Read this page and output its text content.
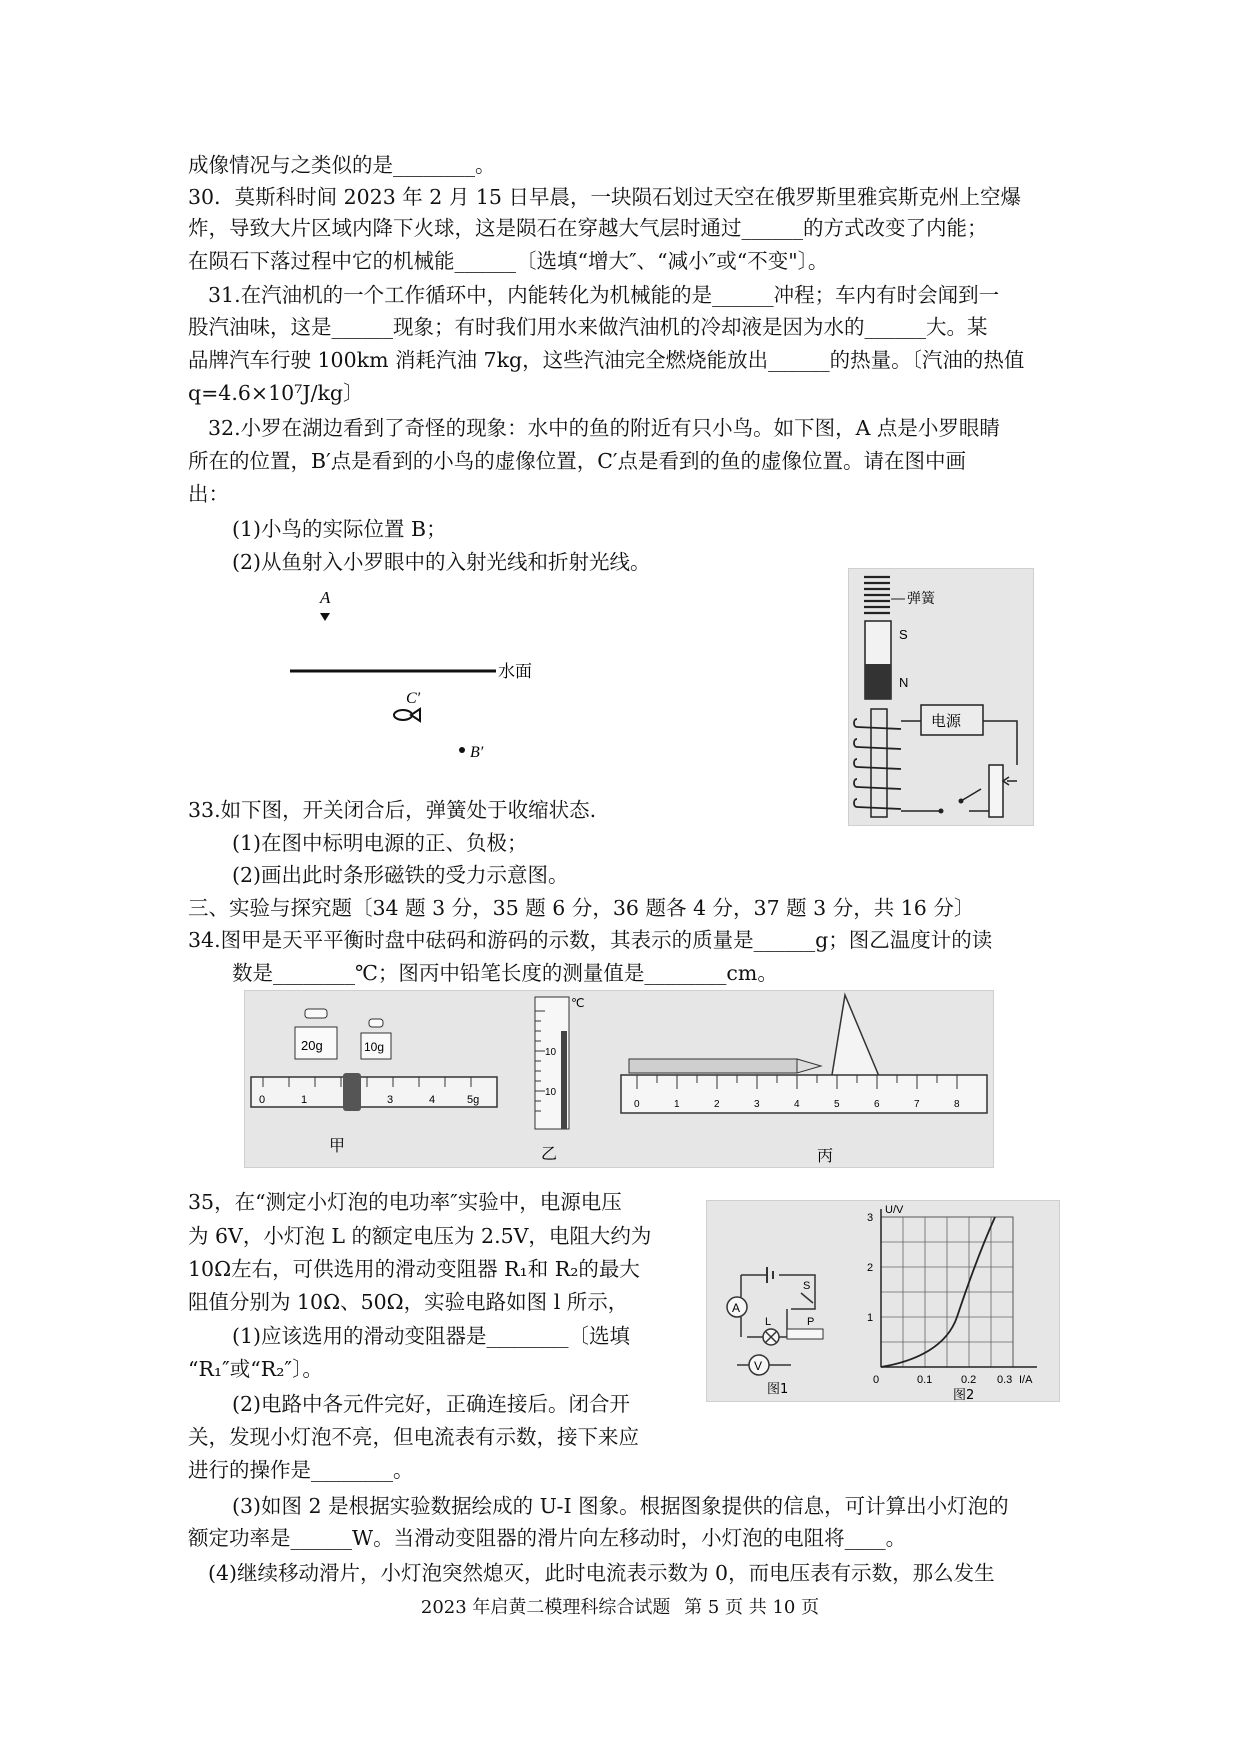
成像情况与之类似的是________。
30．莫斯科时间 2023 年 2 月 15 日早晨，一块陨石划过天空在俄罗斯里雅宾斯克州上空爆
炸，导致大片区域内降下火球，这是陨石在穿越大气层时通过______的方式改变了内能；
在陨石下落过程中它的机械能______〔选填“增大″、“减小″或“不变"〕。
31.在汽油机的一个工作循环中，内能转化为机械能的是______冲程；车内有时会闻到一
股汽油味，这是______现象；有时我们用水来做汽油机的冷却液是因为水的______大。某
品牌汽车行驶 100km 消耗汽油 7kg，这些汽油完全燃烧能放出______的热量。〔汽油的热值
q=4.6×10⁷J/kg〕
32.小罗在湖边看到了奇怪的现象：水中的鱼的附近有只小鸟。如下图，A 点是小罗眼睛
所在的位置，B′点是看到的小鸟的虚像位置，C′点是看到的鱼的虚像位置。请在图中画
出：
(1)小鸟的实际位置 B；
(2)从鱼射入小罗眼中的入射光线和折射光线。
33.如下图，开关闭合后，弹簧处于收缩状态.
(1)在图中标明电源的正、负极；
(2)画出此时条形磁铁的受力示意图。
三、实验与探究题〔34 题 3 分，35 题 6 分，36 题各 4 分，37 题 3 分，共 16 分〕
34.图甲是天平平衡时盘中砝码和游码的示数，其表示的质量是______g；图乙温度计的读
数是________℃；图丙中铅笔长度的测量值是________cm。
35，在“测定小灯泡的电功率″实验中，电源电压
为 6V，小灯泡 L 的额定电压为 2.5V，电阻大约为
10Ω左右，可供选用的滑动变阻器 R₁和 R₂的最大
阻值分别为 10Ω、50Ω，实验电路如图 l 所示，
(1)应该选用的滑动变阻器是________〔选填
“R₁″或“R₂″〕。
(2)电路中各元件完好，正确连接后。闭合开
关，发现小灯泡不亮，但电流表有示数，接下来应
进行的操作是________。
(3)如图 2 是根据实验数据绘成的 U-I 图象。根据图象提供的信息，可计算出小灯泡的
额定功率是______W。当滑动变阻器的滑片向左移动时，小灯泡的电阻将____。
(4)继续移动滑片，小灯泡突然熄灭，此时电流表示数为 0，而电压表有示数，那么发生
A
水面
C′
B′
弹簧
S
N
电源
20g	10g
0	1	3	4	5g
甲
10
10
℃
乙
0	1	2	3	4	5	6	7	8
丙
S
A
L	P
V
图1
U/V
I/A
1
2
3
0	0.1	0.2 0.3
图2
2023 年启黄二模理科综合试题 第 5 页 共 10 页
